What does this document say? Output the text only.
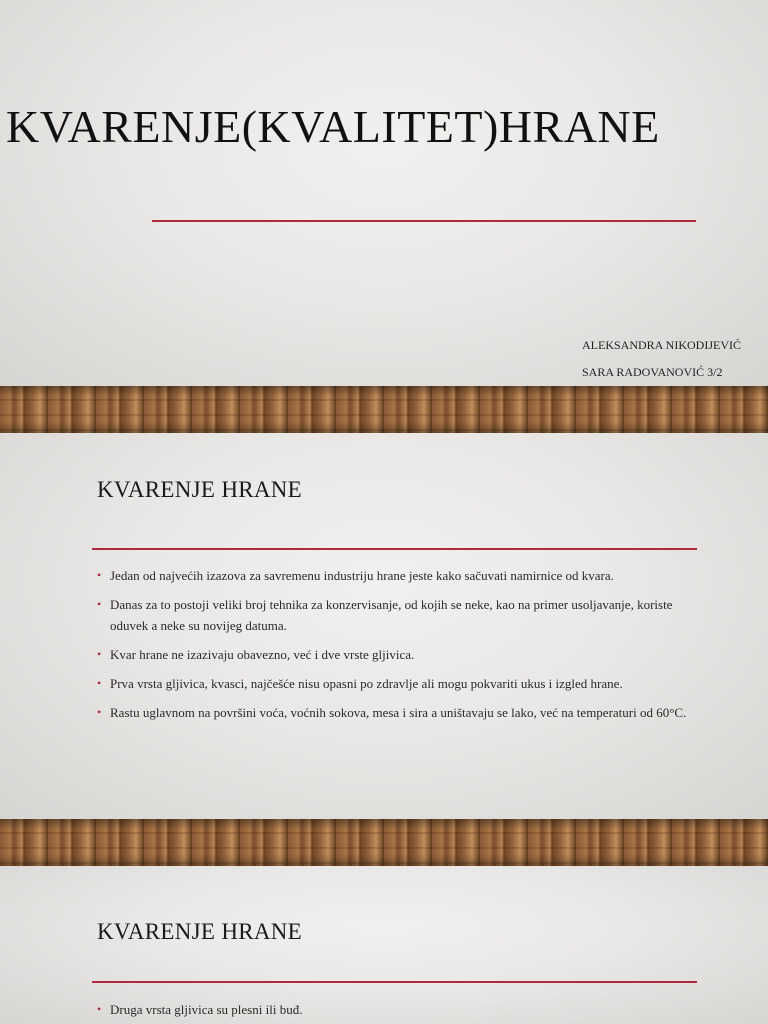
KVARENJE(KVALITET)HRANE
ALEKSANDRA NIKODIJEVIĆ
SARA RADOVANOVIĆ 3/2
KVARENJE HRANE
• Jedan od najvećih izazova za savremenu industriju hrane jeste kako sačuvati namirnice od kvara.
• Danas za to postoji veliki broj tehnika za konzervisanje, od kojih se neke, kao na primer usoljavanje, koriste oduvek a neke su novijeg datuma.
• Kvar hrane ne izazivaju obavezno, već i dve vrste gljivica.
• Prva vrsta gljivica, kvasci, najčešće nisu opasni po zdravlje ali mogu pokvariti ukus i izgled hrane.
• Rastu uglavnom na površini voća, voćnih sokova, mesa i sira a uništavaju se lako, već na temperaturi od 60°C.
KVARENJE HRANE
• Druga vrsta gljivica su plesni ili buđ.
